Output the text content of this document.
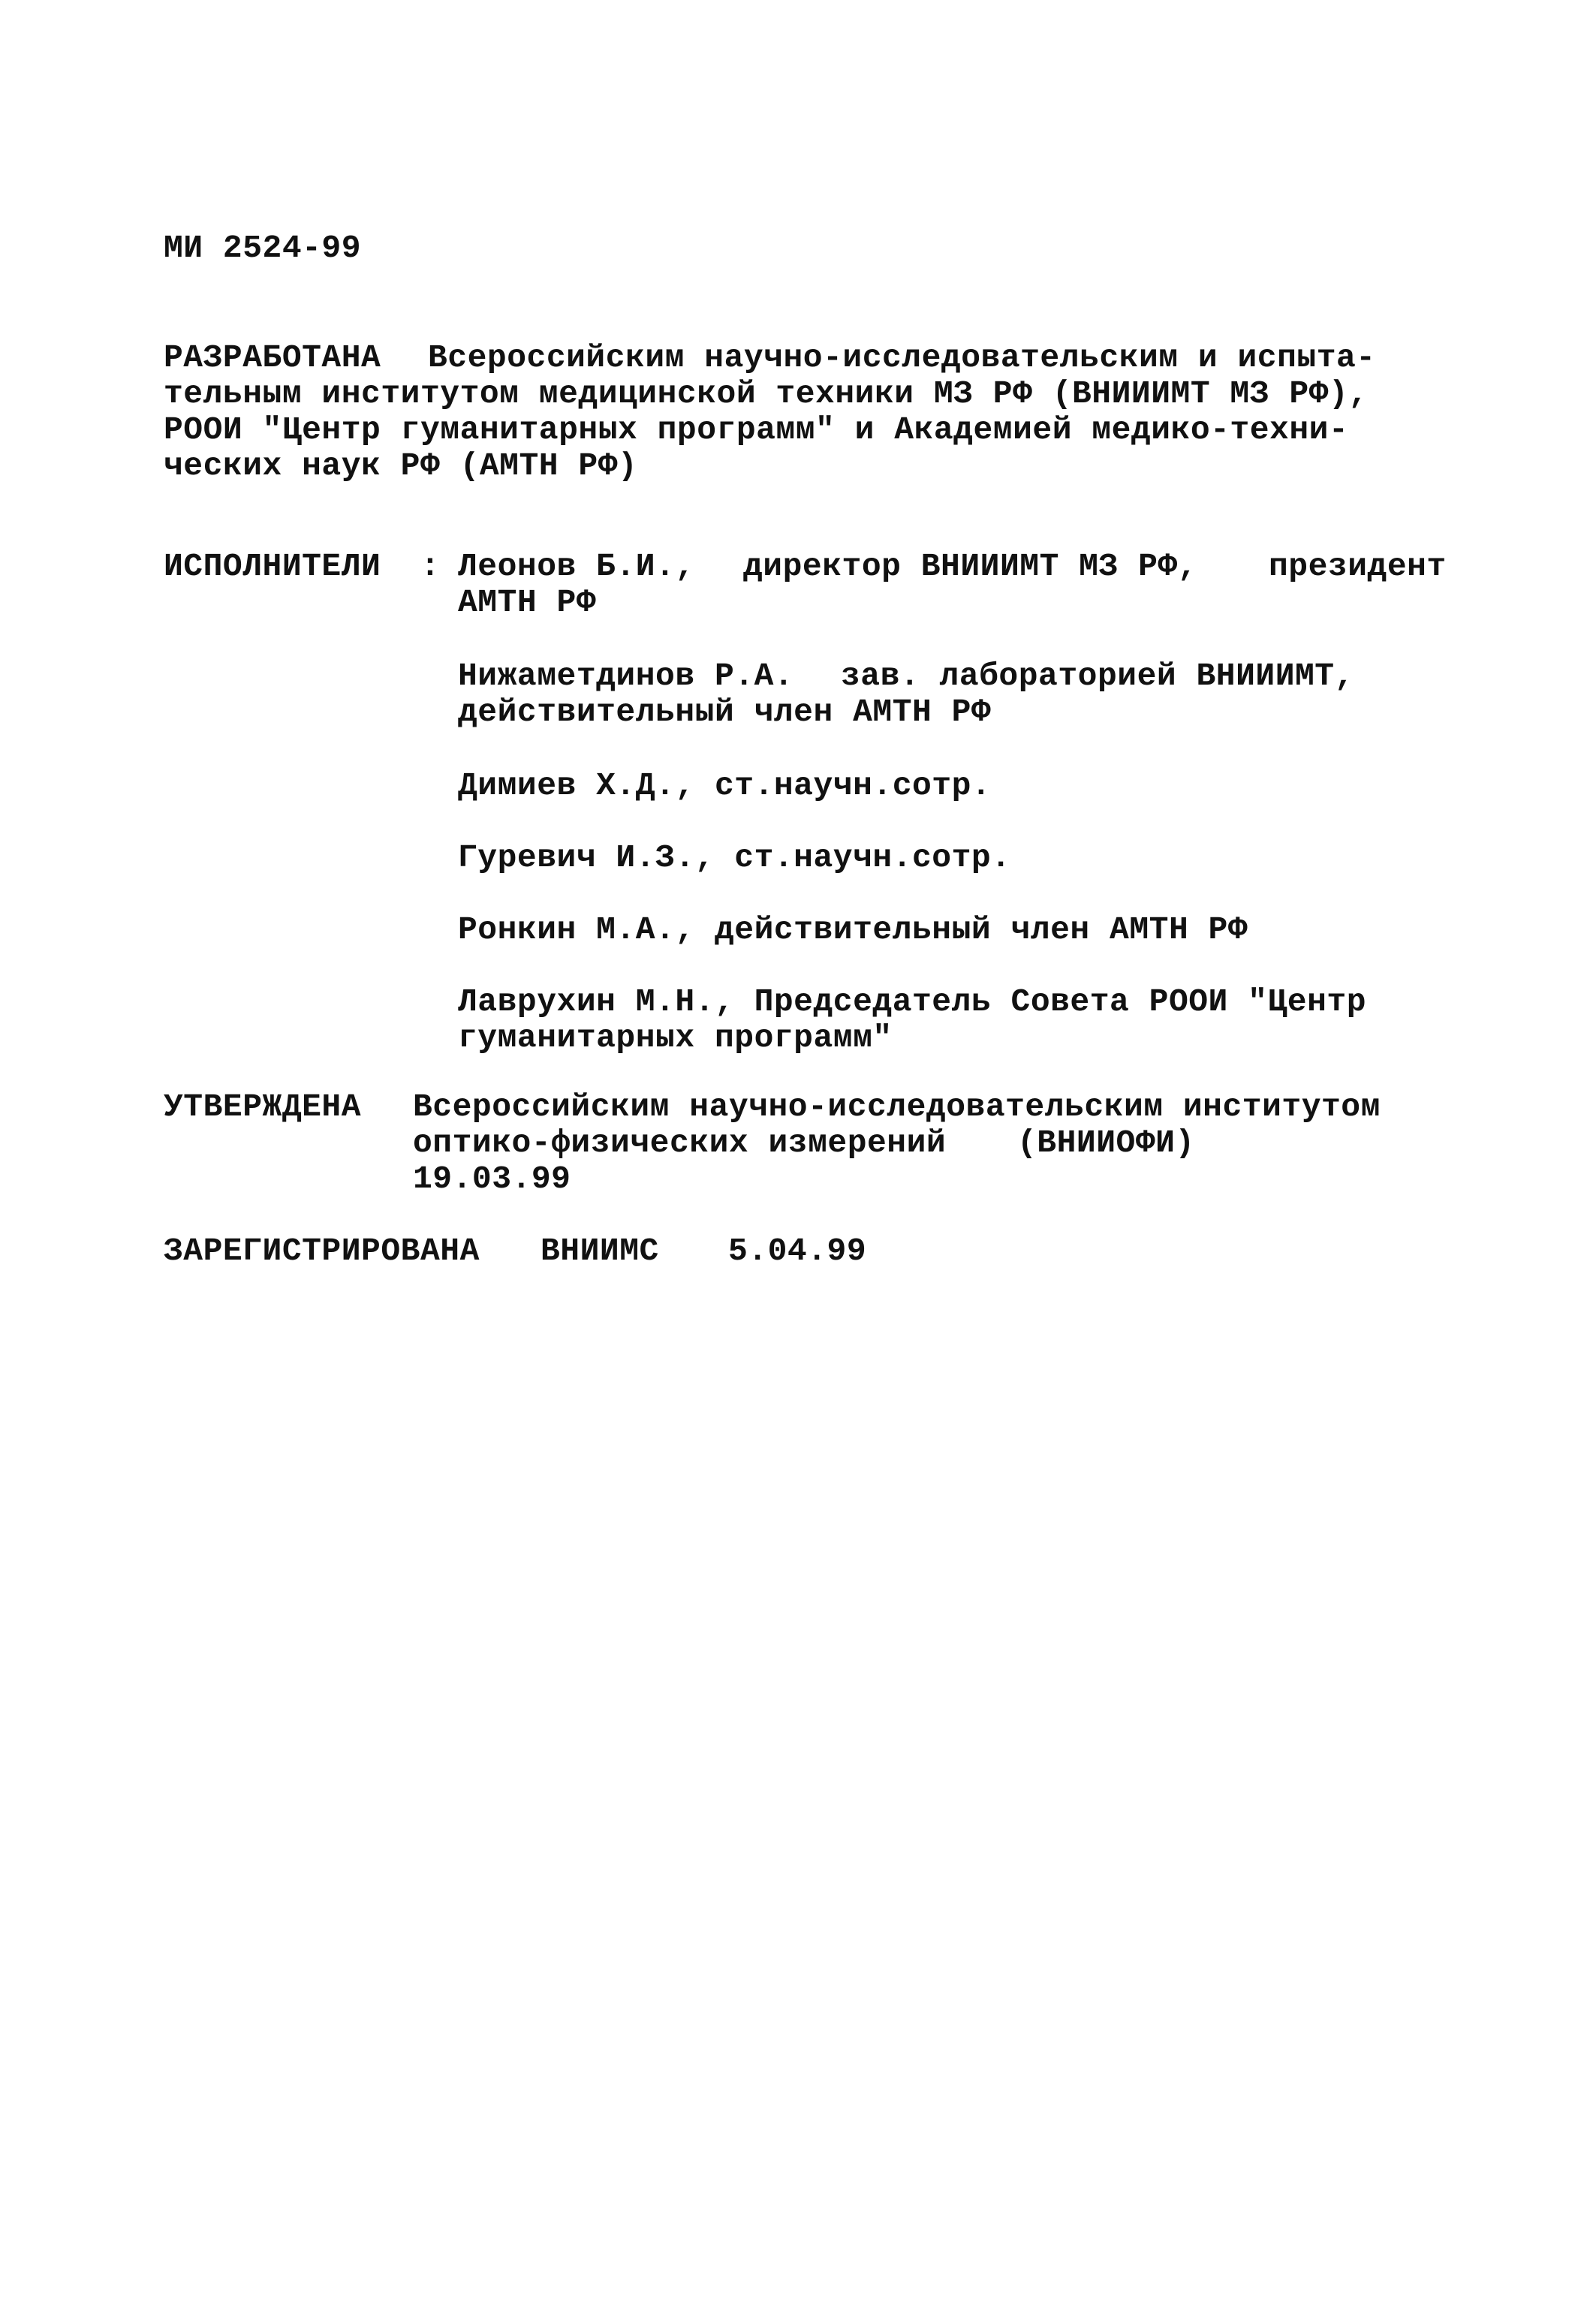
МИ 2524-99
РАЗРАБОТАНА Всероссийским научно-исследовательским и испыта-
тельным институтом медицинской техники МЗ РФ (ВНИИИМТ МЗ РФ),
РООИ "Центр гуманитарных программ" и Академией медико-техни-
ческих наук РФ (АМТН РФ)
ИСПОЛНИТЕЛИ : Леонов Б.И., директор ВНИИИМТ МЗ РФ, президент
АМТН РФ
Нижаметдинов Р.А. зав. лабораторией ВНИИИМТ,
действительный член АМТН РФ
Димиев Х.Д., ст.научн.сотр.
Гуревич И.З., ст.научн.сотр.
Ронкин М.А., действительный член АМТН РФ
Лаврухин М.Н., Председатель Совета РООИ "Центр
гуманитарных программ"
УТВЕРЖДЕНА Всероссийским научно-исследовательским институтом
оптико-физических измерений (ВНИИОФИ)
19.03.99
ЗАРЕГИСТРИРОВАНА ВНИИМС 5.04.99
